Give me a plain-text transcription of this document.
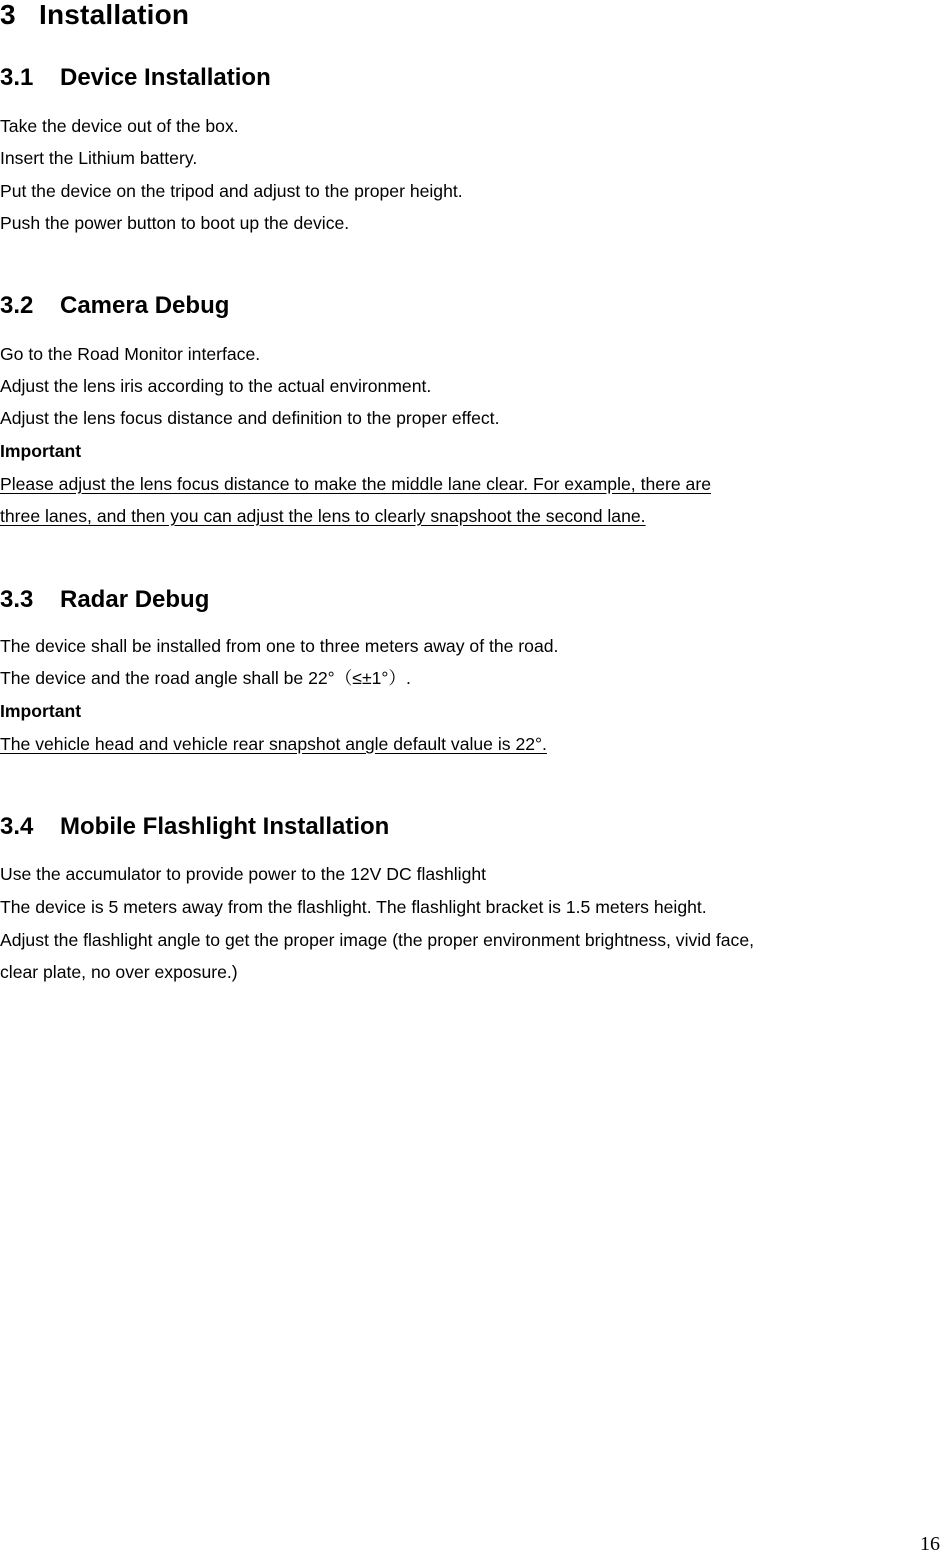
3 Installation
3.1 Device Installation
Take the device out of the box.
Insert the Lithium battery.
Put the device on the tripod and adjust to the proper height.
Push the power button to boot up the device.
3.2 Camera Debug
Go to the Road Monitor interface.
Adjust the lens iris according to the actual environment.
Adjust the lens focus distance and definition to the proper effect.
Important
Please adjust the lens focus distance to make the middle lane clear. For example, there are
three lanes, and then you can adjust the lens to clearly snapshoot the second lane.
3.3 Radar Debug
The device shall be installed from one to three meters away of the road.
The device and the road angle shall be 22°（≤±1°）.
Important
The vehicle head and vehicle rear snapshot angle default value is 22°.
3.4 Mobile Flashlight Installation
Use the accumulator to provide power to the 12V DC flashlight
The device is 5 meters away from the flashlight. The flashlight bracket is 1.5 meters height.
Adjust the flashlight angle to get the proper image (the proper environment brightness, vivid face,
clear plate, no over exposure.)
16
